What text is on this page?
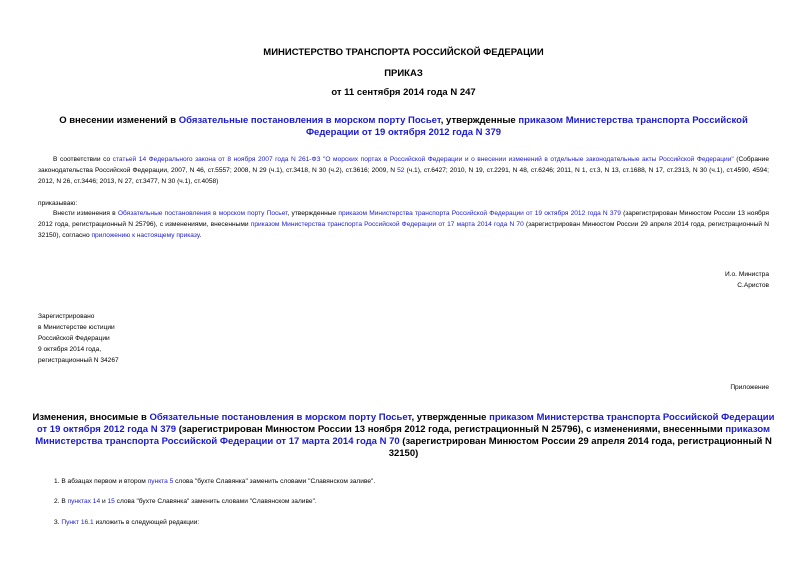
МИНИСТЕРСТВО ТРАНСПОРТА РОССИЙСКОЙ ФЕДЕРАЦИИ
ПРИКАЗ
от 11 сентября 2014 года N 247
О внесении изменений в Обязательные постановления в морском порту Посьет, утвержденные приказом Министерства транспорта Российской Федерации от 19 октября 2012 года N 379
В соответствии со статьей 14 Федерального закона от 8 ноября 2007 года N 261-ФЗ "О морских портах в Российской Федерации и о внесении изменений в отдельные законодательные акты Российской Федерации" (Собрание законодательства Российской Федерации, 2007, N 46, ст.5557; 2008, N 29 (ч.1), ст.3418, N 30 (ч.2), ст.3616; 2009, N 52 (ч.1), ст.6427; 2010, N 19, ст.2291, N 48, ст.6246; 2011, N 1, ст.3, N 13, ст.1688, N 17, ст.2313, N 30 (ч.1), ст.4590, 4594; 2012, N 26, ст.3446; 2013, N 27, ст.3477, N 30 (ч.1), ст.4058)
приказываю:
Внести изменения в Обязательные постановления в морском порту Посьет, утвержденные приказом Министерства транспорта Российской Федерации от 19 октября 2012 года N 379 (зарегистрирован Минюстом России 13 ноября 2012 года, регистрационный N 25796), с изменениями, внесенными приказом Министерства транспорта Российской Федерации от 17 марта 2014 года N 70 (зарегистрирован Минюстом России 29 апреля 2014 года, регистрационный N 32150), согласно приложению к настоящему приказу.
И.о. Министра
С.Аристов
Зарегистрировано
в Министерстве юстиции
Российской Федерации
9 октября 2014 года,
регистрационный N 34267
Приложение
Изменения, вносимые в Обязательные постановления в морском порту Посьет, утвержденные приказом Министерства транспорта Российской Федерации от 19 октября 2012 года N 379 (зарегистрирован Минюстом России 13 ноября 2012 года, регистрационный N 25796), с изменениями, внесенными приказом Министерства транспорта Российской Федерации от 17 марта 2014 года N 70 (зарегистрирован Минюстом России 29 апреля 2014 года, регистрационный N 32150)
1. В абзацах первом и втором пункта 5 слова "бухте Славянка" заменить словами "Славянском заливе".
2. В пунктах 14 и 15 слова "бухте Славянка" заменить словами "Славянском заливе".
3. Пункт 16.1 изложить в следующей редакции:
